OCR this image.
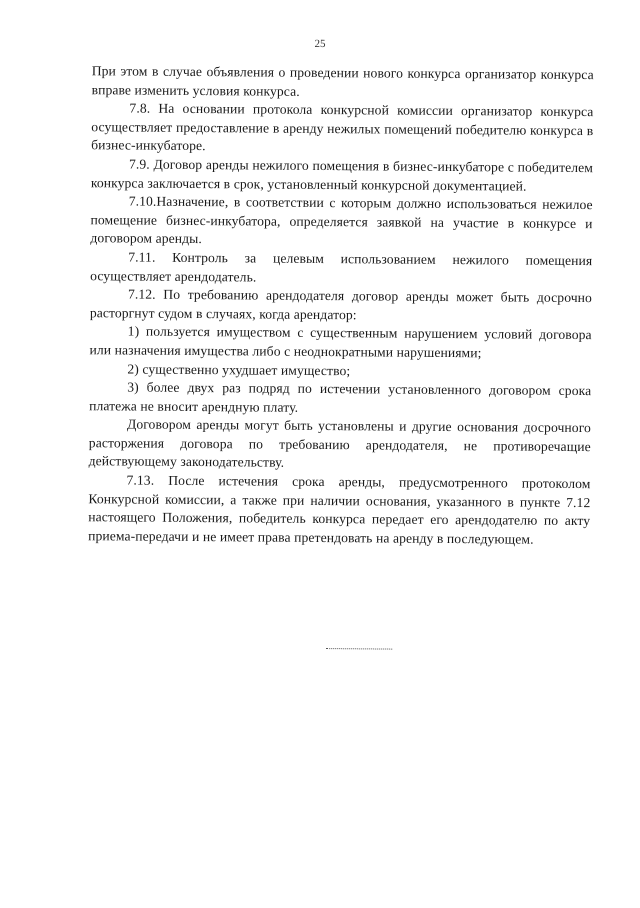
25

При этом в случае объявления о проведении нового конкурса организатор конкурса вправе изменить условия конкурса.

7.8. На основании протокола конкурсной комиссии организатор конкурса осуществляет предоставление в аренду нежилых помещений победителю конкурса в бизнес-инкубаторе.

7.9. Договор аренды нежилого помещения в бизнес-инкубаторе с победителем конкурса заключается в срок, установленный конкурсной документацией.

7.10.Назначение, в соответствии с которым должно использоваться нежилое помещение бизнес-инкубатора, определяется заявкой на участие в конкурсе и договором аренды.

7.11. Контроль за целевым использованием нежилого помещения осуществляет арендодатель.

7.12. По требованию арендодателя договор аренды может быть досрочно расторгнут судом в случаях, когда арендатор:

1) пользуется имуществом с существенным нарушением условий договора или назначения имущества либо с неоднократными нарушениями;

2) существенно ухудшает имущество;

3) более двух раз подряд по истечении установленного договором срока платежа не вносит арендную плату.

Договором аренды могут быть установлены и другие основания досрочного расторжения договора по требованию арендодателя, не противоречащие действующему законодательству.

7.13. После истечения срока аренды, предусмотренного протоколом Конкурсной комиссии, а также при наличии основания, указанного в пункте 7.12 настоящего Положения, победитель конкурса передает его арендодателю по акту приема-передачи и не имеет права претендовать на аренду в последующем.
